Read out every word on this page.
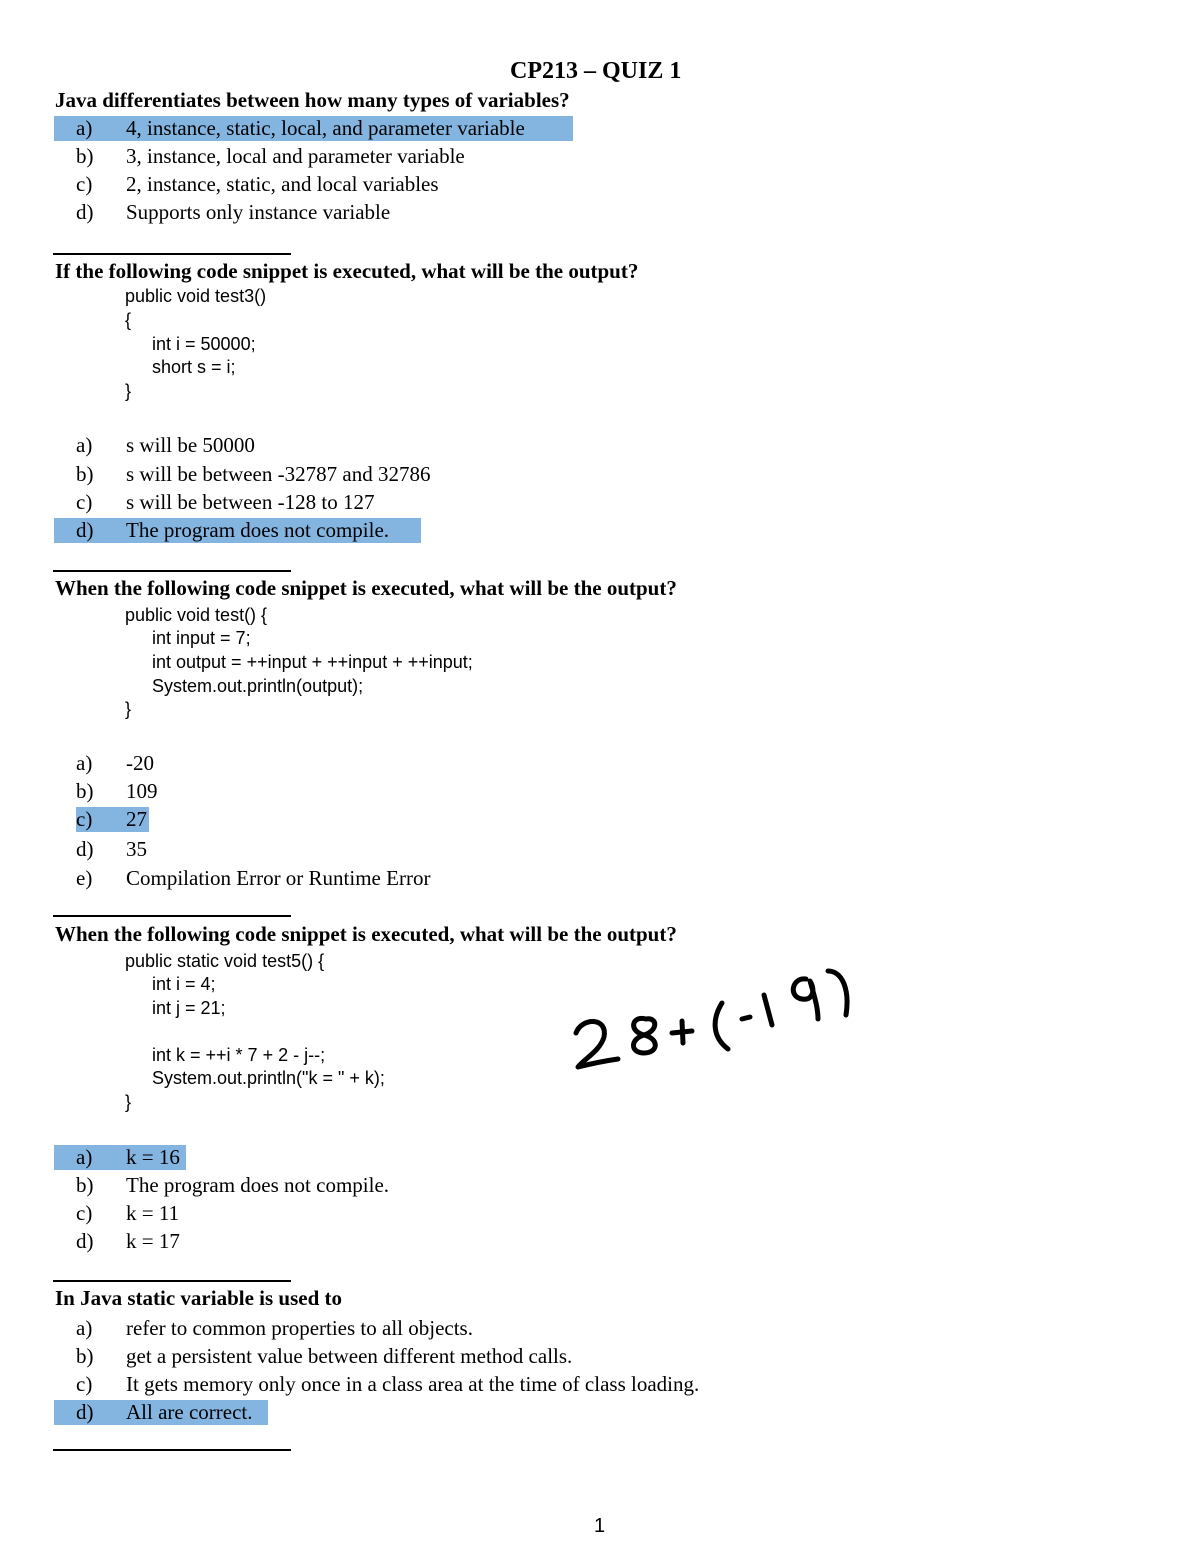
CP213 – QUIZ 1
Java differentiates between how many types of variables?
a) 4, instance, static, local, and parameter variable
b) 3, instance, local and parameter variable
c) 2, instance, static, and local variables
d) Supports only instance variable
If the following code snippet is executed, what will be the output?
public void test3()
{
int i = 50000;
short s = i;
}
a) s will be 50000
b) s will be between -32787 and 32786
c) s will be between -128 to 127
d) The program does not compile.
When the following code snippet is executed, what will be the output?
public void test() {
int input = 7;
int output = ++input + ++input + ++input;
System.out.println(output);
}
a) -20
b) 109
c) 27
d) 35
e) Compilation Error or Runtime Error
When the following code snippet is executed, what will be the output?
public static void test5() {
int i = 4;
int j = 21;
int k = ++i * 7 + 2 - j--;
System.out.println("k = " + k);
}
a) k = 16
b) The program does not compile.
c) k = 11
d) k = 17
In Java static variable is used to
a) refer to common properties to all objects.
b) get a persistent value between different method calls.
c) It gets memory only once in a class area at the time of class loading.
d) All are correct.
1
